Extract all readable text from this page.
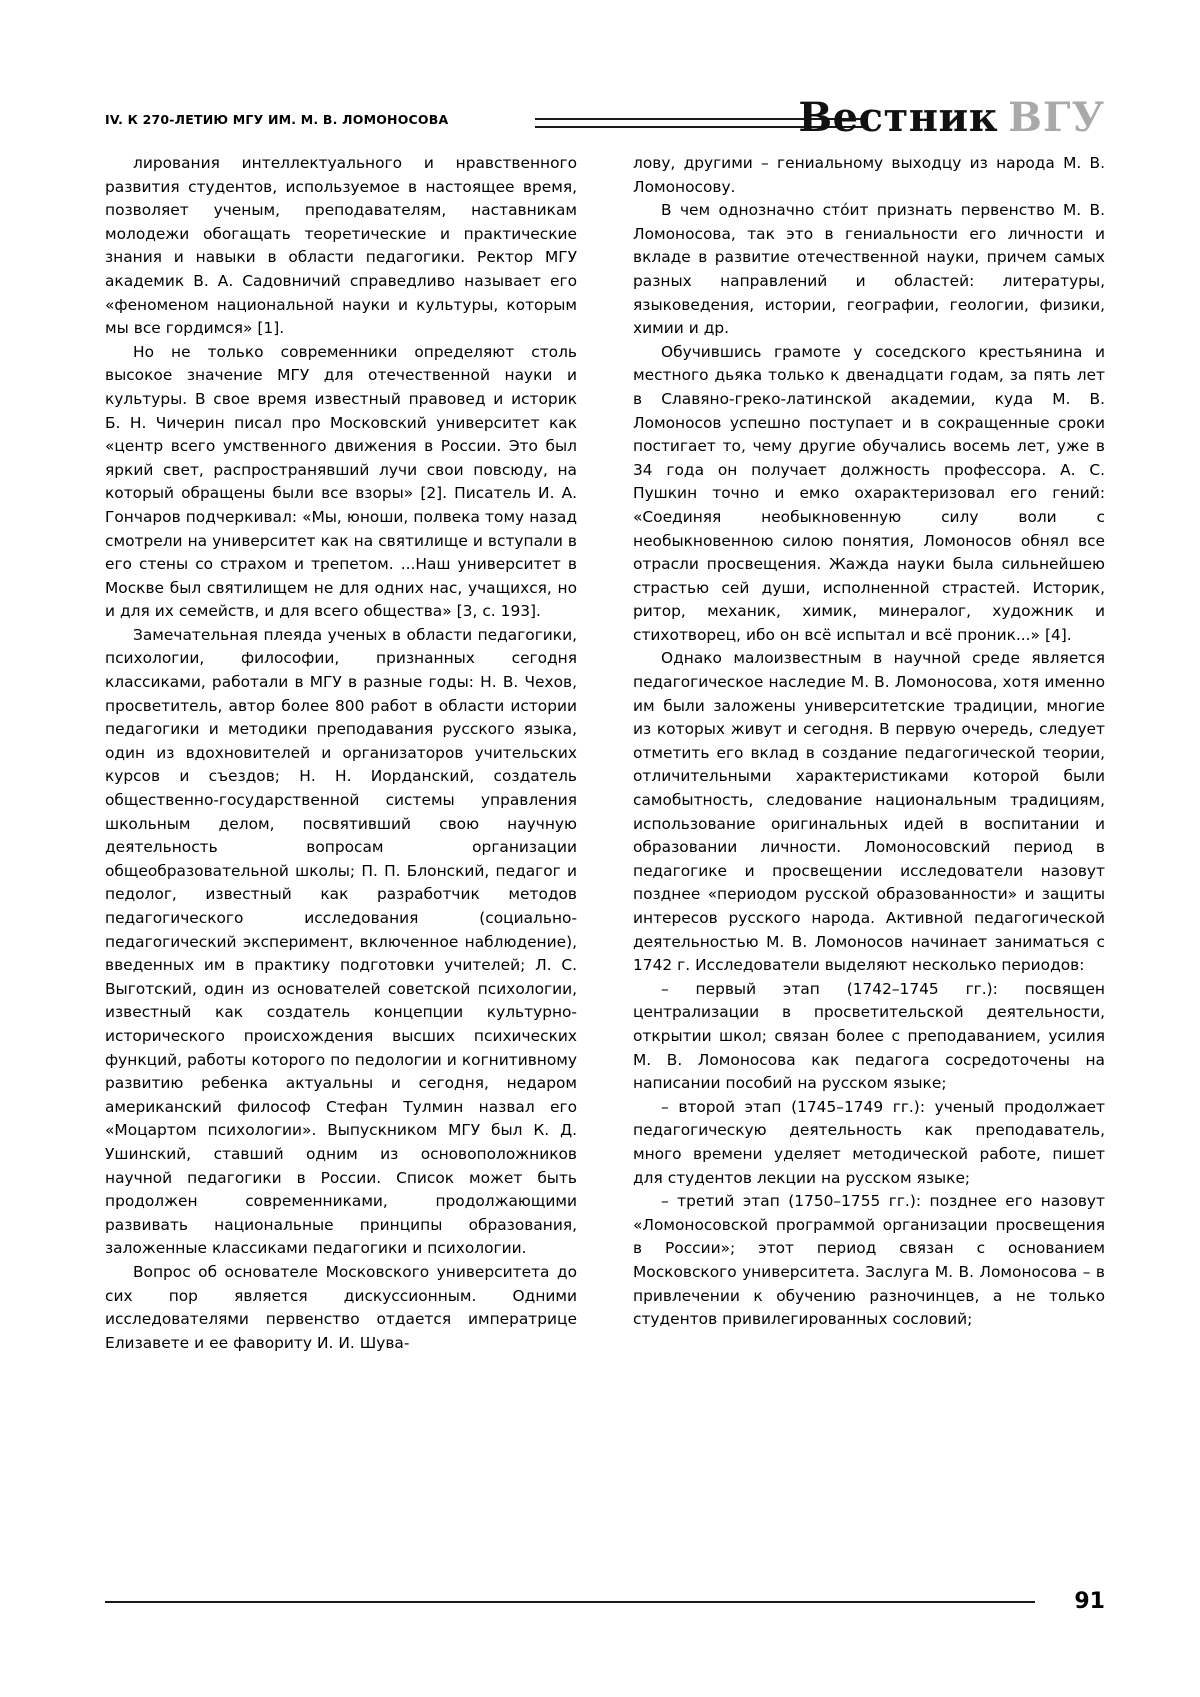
IV. К 270-ЛЕТИЮ МГУ ИМ. М. В. ЛОМОНОСОВА	Вестник ВГУ

лирования интеллектуального и нравственного развития студентов, используемое в настоящее время, позволяет ученым, преподавателям, наставникам молодежи обогащать теоретические и практические знания и навыки в области педагогики. Ректор МГУ академик В. А. Садовничий справедливо называет его «феноменом национальной науки и культуры, которым мы все гордимся» [1].

Но не только современники определяют столь высокое значение МГУ для отечественной науки и культуры. В свое время известный правовед и историк Б. Н. Чичерин писал про Московский университет как «центр всего умственного движения в России. Это был яркий свет, распространявший лучи свои повсюду, на который обращены были все взоры» [2]. Писатель И. А. Гончаров подчеркивал: «Мы, юноши, полвека тому назад смотрели на университет как на святилище и вступали в его стены со страхом и трепетом. ...Наш университет в Москве был святилищем не для одних нас, учащихся, но и для их семейств, и для всего общества» [3, с. 193].

Замечательная плеяда ученых в области педагогики, психологии, философии, признанных сегодня классиками, работали в МГУ в разные годы: Н. В. Чехов, просветитель, автор более 800 работ в области истории педагогики и методики преподавания русского языка, один из вдохновителей и организаторов учительских курсов и съездов; Н. Н. Иорданский, создатель общественно-государственной системы управления школьным делом, посвятивший свою научную деятельность вопросам организации общеобразовательной школы; П. П. Блонский, педагог и педолог, известный как разработчик методов педагогического исследования (социально-педагогический эксперимент, включенное наблюдение), введенных им в практику подготовки учителей; Л. С. Выготский, один из основателей советской психологии, известный как создатель концепции культурно-исторического происхождения высших психических функций, работы которого по педологии и когнитивному развитию ребенка актуальны и сегодня, недаром американский философ Стефан Тулмин назвал его «Моцартом психологии». Выпускником МГУ был К. Д. Ушинский, ставший одним из основоположников научной педагогики в России. Список может быть продолжен современниками, продолжающими развивать национальные принципы образования, заложенные классиками педагогики и психологии.

Вопрос об основателе Московского университета до сих пор является дискуссионным. Одними исследователями первенство отдается императрице Елизавете и ее фавориту И. И. Шува-

лову, другими – гениальному выходцу из народа М. В. Ломоносову.

В чем однозначно сто́ит признать первенство М. В. Ломоносова, так это в гениальности его личности и вкладе в развитие отечественной науки, причем самых разных направлений и областей: литературы, языковедения, истории, географии, геологии, физики, химии и др.

Обучившись грамоте у соседского крестьянина и местного дьяка только к двенадцати годам, за пять лет в Славяно-греко-латинской академии, куда М. В. Ломоносов успешно поступает и в сокращенные сроки постигает то, чему другие обучались восемь лет, уже в 34 года он получает должность профессора. А. С. Пушкин точно и емко охарактеризовал его гений: «Соединяя необыкновенную силу воли с необыкновенною силою понятия, Ломоносов обнял все отрасли просвещения. Жажда науки была сильнейшею страстью сей души, исполненной страстей. Историк, ритор, механик, химик, минералог, художник и стихотворец, ибо он всё испытал и всё проник...» [4].

Однако малоизвестным в научной среде является педагогическое наследие М. В. Ломоносова, хотя именно им были заложены университетские традиции, многие из которых живут и сегодня. В первую очередь, следует отметить его вклад в создание педагогической теории, отличительными характеристиками которой были самобытность, следование национальным традициям, использование оригинальных идей в воспитании и образовании личности. Ломоносовский период в педагогике и просвещении исследователи назовут позднее «периодом русской образованности» и защиты интересов русского народа. Активной педагогической деятельностью М. В. Ломоносов начинает заниматься с 1742 г. Исследователи выделяют несколько периодов:

– первый этап (1742–1745 гг.): посвящен централизации в просветительской деятельности, открытии школ; связан более с преподаванием, усилия М. В. Ломоносова как педагога сосредоточены на написании пособий на русском языке;

– второй этап (1745–1749 гг.): ученый продолжает педагогическую деятельность как преподаватель, много времени уделяет методической работе, пишет для студентов лекции на русском языке;

– третий этап (1750–1755 гг.): позднее его назовут «Ломоносовской программой организации просвещения в России»; этот период связан с основанием Московского университета. Заслуга М. В. Ломоносова – в привлечении к обучению разночинцев, а не только студентов привилегированных сословий;

91
